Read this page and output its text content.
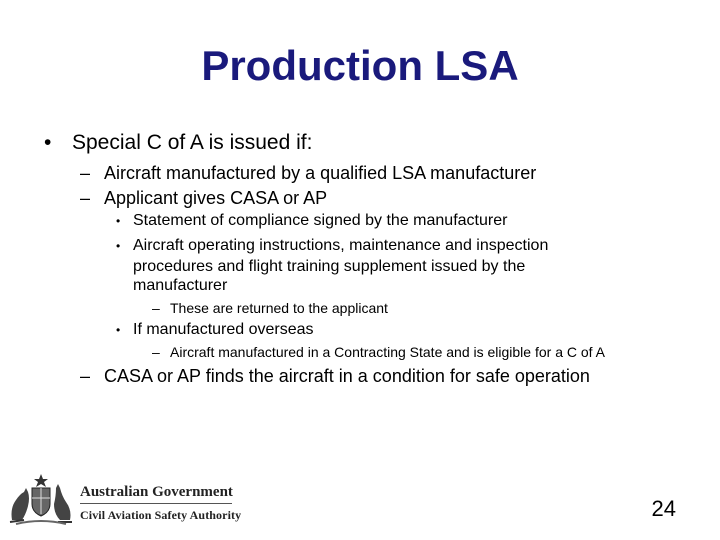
Production LSA
• Special C of A is issued if:
– Aircraft manufactured by a qualified LSA manufacturer
– Applicant gives CASA or AP
• Statement of compliance signed by the manufacturer
• Aircraft operating instructions, maintenance and inspection
procedures and flight training supplement issued by the
manufacturer
– These are returned to the applicant
• If manufactured overseas
– Aircraft manufactured in a Contracting State and is eligible for a C of A
– CASA or AP finds the aircraft in a condition for safe operation
Australian Government
Civil Aviation Safety Authority	24
